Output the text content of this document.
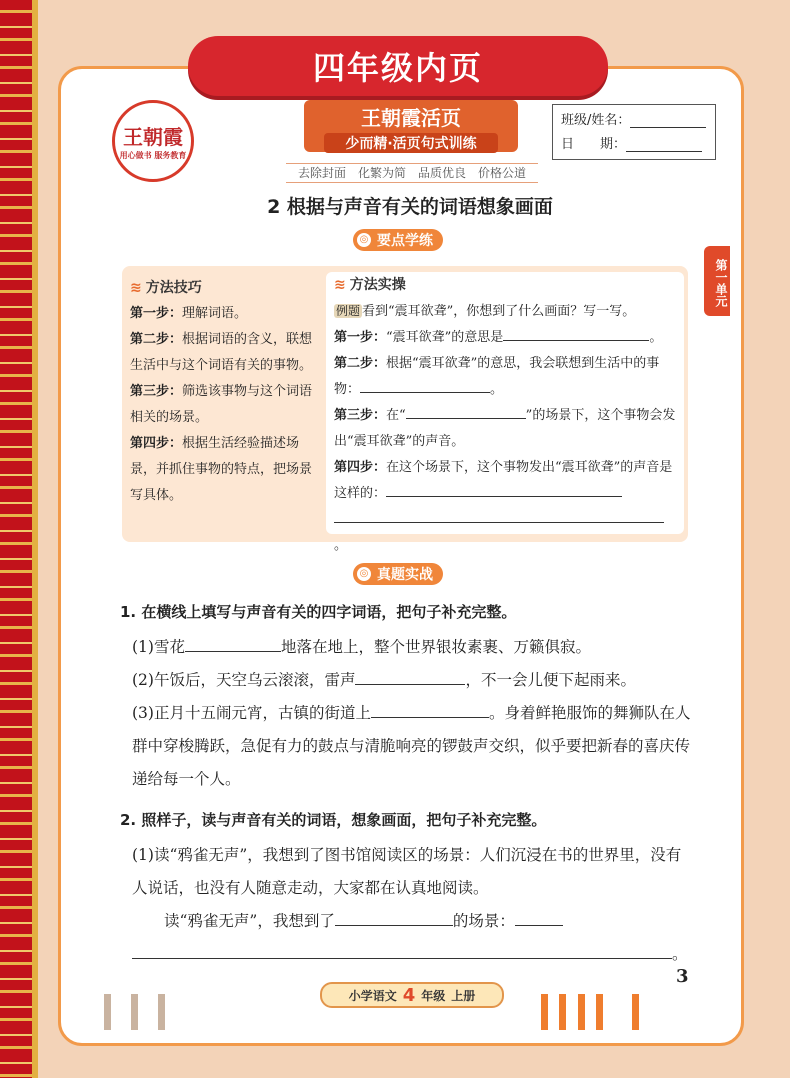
四年级内页
王朝霞
用心做书 服务教育
王朝霞活页
少而精·活页句式训练
去除封面　化繁为简　品质优良　价格公道
班级/姓名：
日　　期：
第一单元
2 根据与声音有关的词语想象画面
◎ 要点学练
≋ 方法技巧
第一步：理解词语。
第二步：根据词语的含义，联想生活中与这个词语有关的事物。
第三步：筛选该事物与这个词语相关的场景。
第四步：根据生活经验描述场景，并抓住事物的特点，把场景写具体。
≋ 方法实操
例题 看到“震耳欲聋”，你想到了什么画面？写一写。
第一步：“震耳欲聋”的意思是	。
第二步：根据“震耳欲聋”的意思，我会联想到生活中的事物：	。
第三步：在“	”的场景下，这个事物会发出“震耳欲聋”的声音。
第四步：在这个场景下，这个事物发出“震耳欲聋”的声音是这样的：
。
◎ 真题实战
1. 在横线上填写与声音有关的四字词语，把句子补充完整。
(1)雪花	地落在地上，整个世界银妆素裹、万籁俱寂。
(2)午饭后，天空乌云滚滚，雷声	，不一会儿便下起雨来。
(3)正月十五闹元宵，古镇的街道上	。身着鲜艳服饰的舞狮队在人群中穿梭腾跃，急促有力的鼓点与清脆响亮的锣鼓声交织，似乎要把新春的喜庆传递给每一个人。
2. 照样子，读与声音有关的词语，想象画面，把句子补充完整。
(1)读“鸦雀无声”，我想到了图书馆阅读区的场景：人们沉浸在书的世界里，没有人说话，也没有人随意走动，大家都在认真地阅读。
读“鸦雀无声”，我想到了	的场景：
。
小学语文 4 年级 上册
3
